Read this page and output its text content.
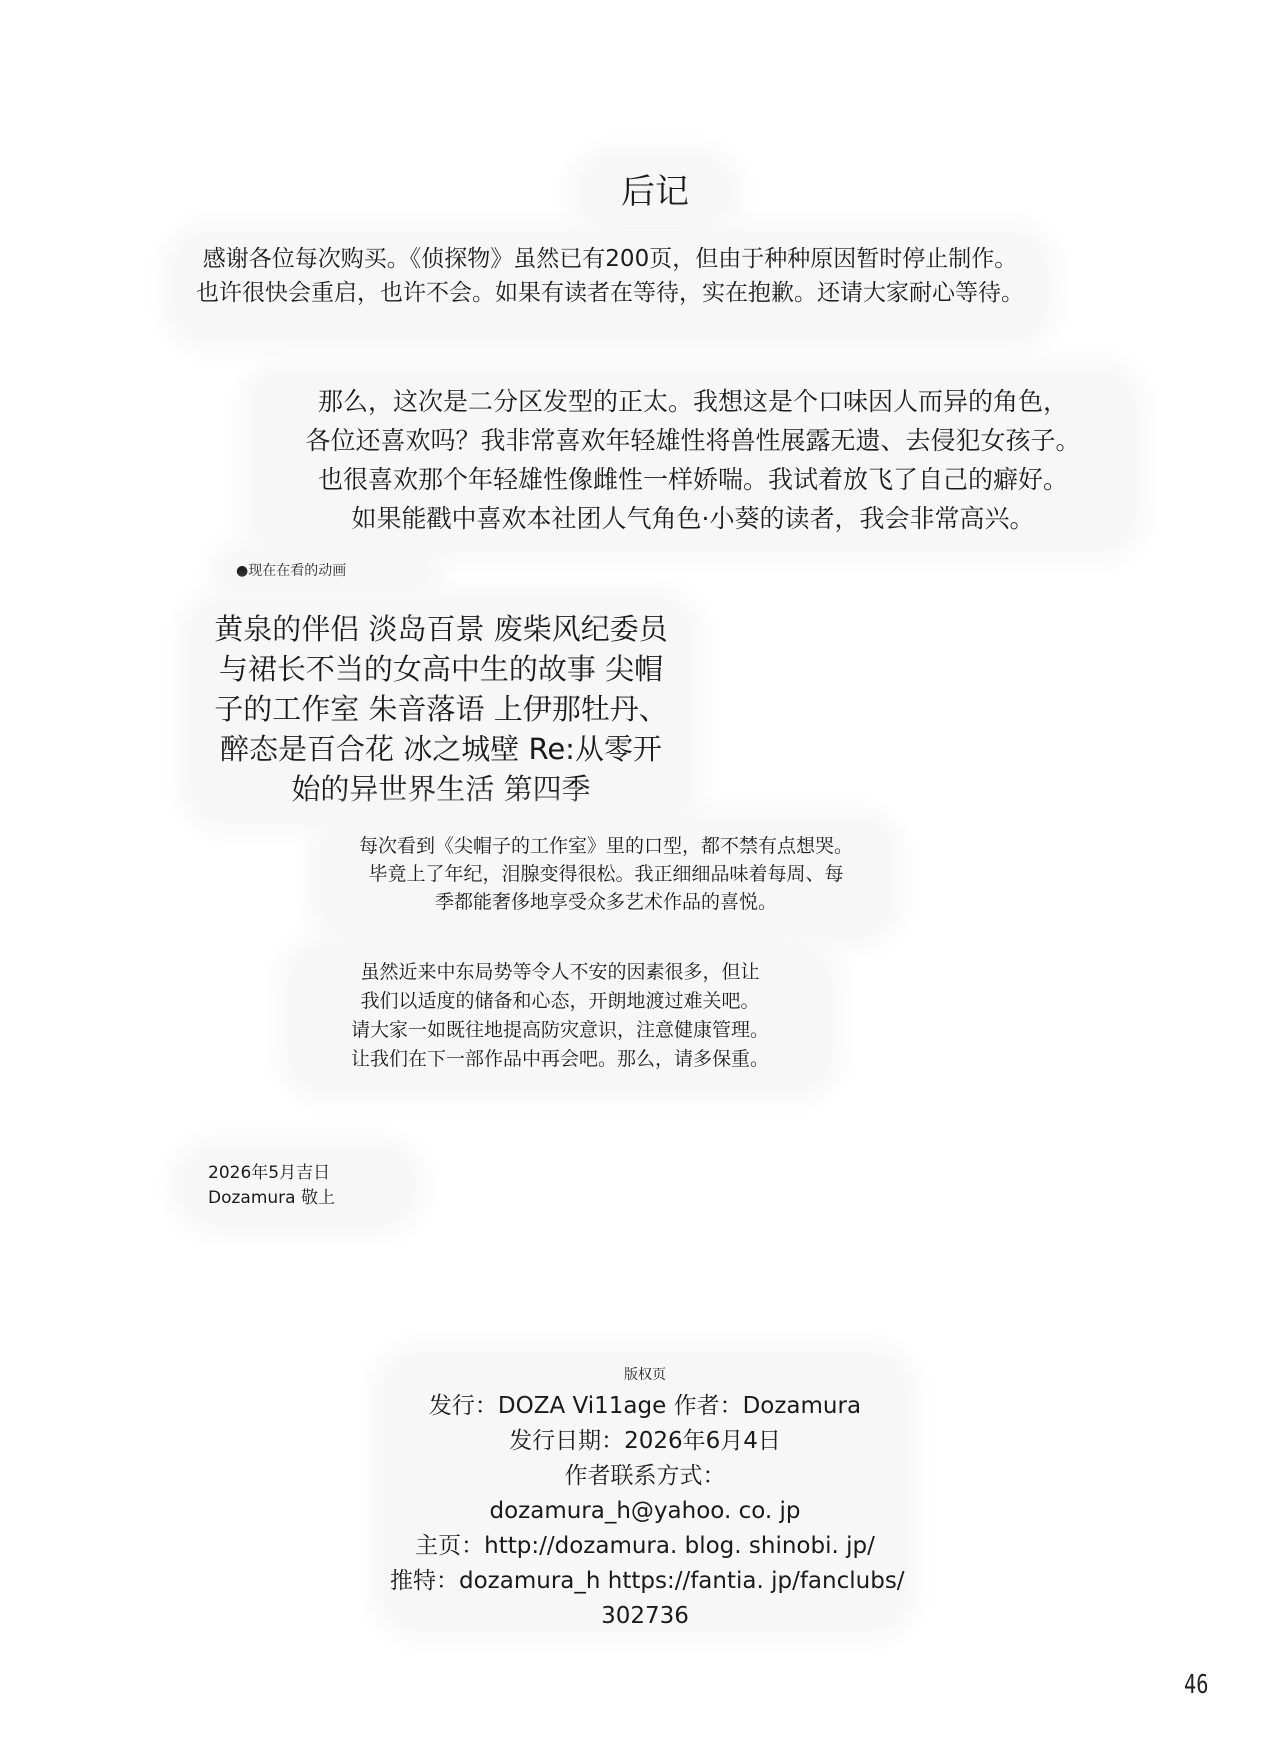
后记
感谢各位每次购买。《侦探物》虽然已有200页，但由于种种原因暂时停止制作。
也许很快会重启，也许不会。如果有读者在等待，实在抱歉。还请大家耐心等待。
那么，这次是二分区发型的正太。我想这是个口味因人而异的角色，
各位还喜欢吗？我非常喜欢年轻雄性将兽性展露无遗、去侵犯女孩子。
也很喜欢那个年轻雄性像雌性一样娇喘。我试着放飞了自己的癖好。
如果能戳中喜欢本社团人气角色·小葵的读者，我会非常高兴。
●现在在看的动画
黄泉的伴侣 淡岛百景 废柴风纪委员
与裙长不当的女高中生的故事 尖帽
子的工作室 朱音落语 上伊那牡丹、
醉态是百合花 冰之城壁 Re:从零开
始的异世界生活 第四季
每次看到《尖帽子的工作室》里的口型，都不禁有点想哭。
毕竟上了年纪，泪腺变得很松。我正细细品味着每周、每
季都能奢侈地享受众多艺术作品的喜悦。
虽然近来中东局势等令人不安的因素很多，但让
我们以适度的储备和心态，开朗地渡过难关吧。
请大家一如既往地提高防灾意识，注意健康管理。
让我们在下一部作品中再会吧。那么，请多保重。
2026年5月吉日
Dozamura 敬上
版权页
发行：DOZA Vi11age 作者：Dozamura
发行日期：2026年6月4日
作者联系方式：
dozamura_h@yahoo. co. jp
主页：http://dozamura. blog. shinobi. jp/
推特：dozamura_h https://fantia. jp/fanclubs/
302736
46
